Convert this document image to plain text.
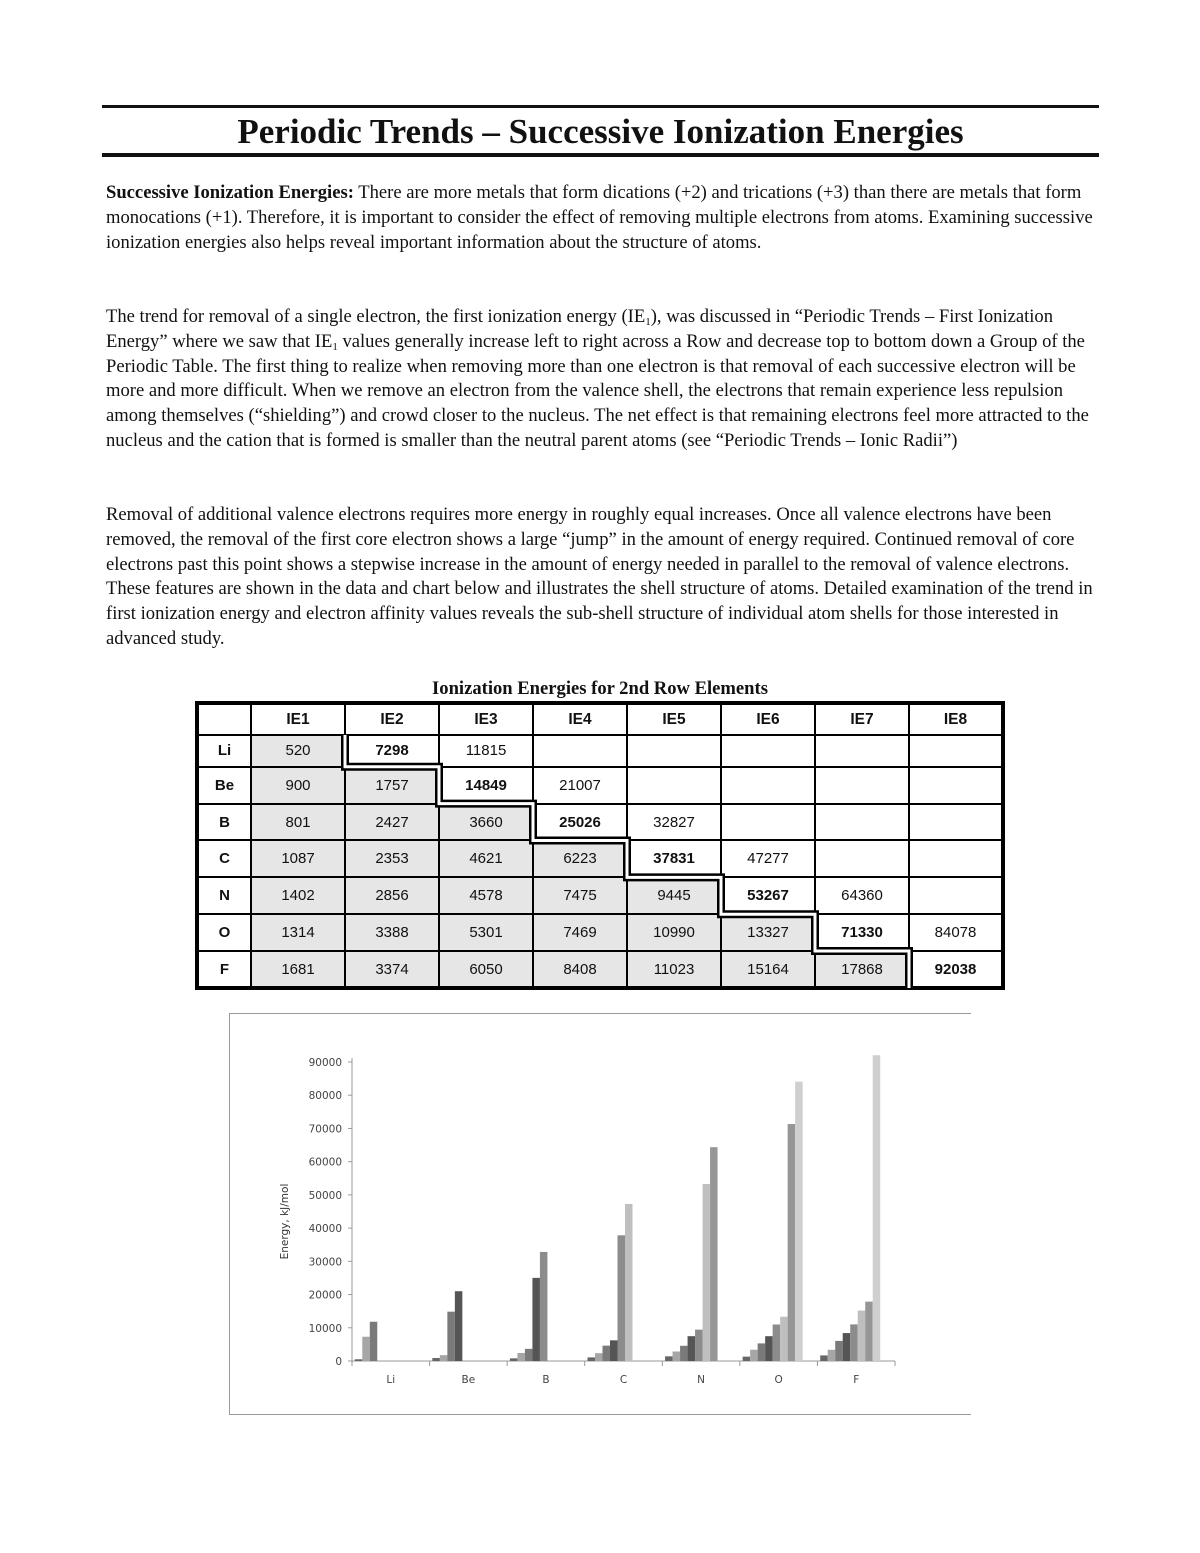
Periodic Trends – Successive Ionization Energies

Successive Ionization Energies: There are more metals that form dications (+2) and trications (+3) than there are metals that form monocations (+1). Therefore, it is important to consider the effect of removing multiple electrons from atoms. Examining successive ionization energies also helps reveal important information about the structure of atoms.

The trend for removal of a single electron, the first ionization energy $(IE_1)$, was discussed in “Periodic Trends – First Ionization Energy” where we saw that $IE_1$ values generally increase left to right across a Row and decrease top to bottom down a Group of the Periodic Table. The first thing to realize when removing more than one electron is that removal of each successive electron will be more and more difficult. When we remove an electron from the valence shell, the electrons that remain experience less repulsion among themselves (“shielding”) and crowd closer to the nucleus. The net effect is that remaining electrons feel more attracted to the nucleus and the cation that is formed is smaller than the neutral parent atoms (see “Periodic Trends – Ionic Radii”)

Removal of additional valence electrons requires more energy in roughly equal increases. Once all valence electrons have been removed, the removal of the first core electron shows a large “jump” in the amount of energy required. Continued removal of core electrons past this point shows a stepwise increase in the amount of energy needed in parallel to the removal of valence electrons. These features are shown in the data and chart below and illustrates the shell structure of atoms. Detailed examination of the trend in first ionization energy and electron affinity values reveals the sub-shell structure of individual atom shells for those interested in advanced study.

Ionization Energies for 2nd Row Elements
	IE1	IE2	IE3	IE4	IE5	IE6	IE7	IE8
Li	520	7298	11815					
Be	900	1757	14849	21007				
B	801	2427	3660	25026	32827			
C	1087	2353	4621	6223	37831	47277		
N	1402	2856	4578	7475	9445	53267	64360	
O	1314	3388	5301	7469	10990	13327	71330	84078
F	1681	3374	6050	8408	11023	15164	17868	92038
0
10000
20000
30000
40000
50000
60000
70000
80000
90000
Energy, kJ/mol
Li	Be	B	C	N	O	F
